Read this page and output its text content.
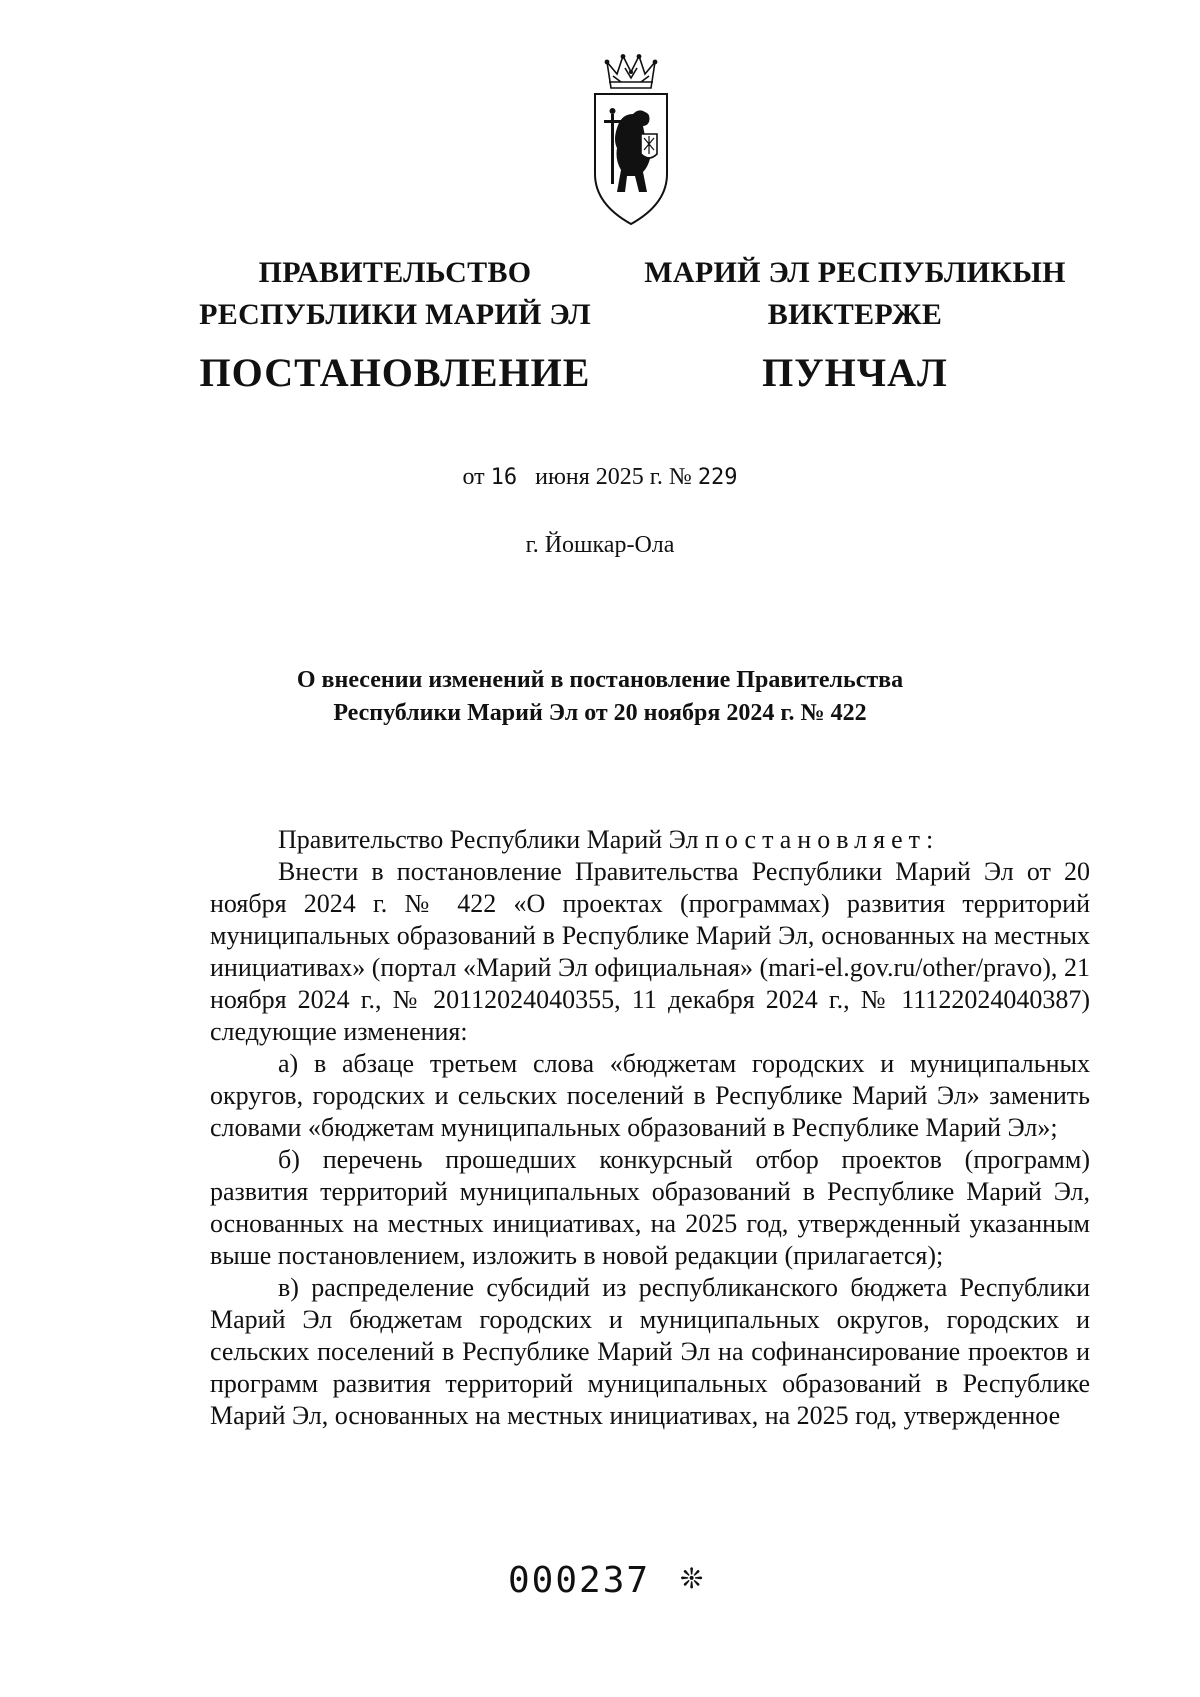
ПРАВИТЕЛЬСТВО
РЕСПУБЛИКИ МАРИЙ ЭЛ
ПОСТАНОВЛЕНИЕ
МАРИЙ ЭЛ РЕСПУБЛИКЫН
ВИКТЕРЖЕ
ПУНЧАЛ
от 16 июня 2025 г. № 229
г. Йошкар-Ола
О внесении изменений в постановление Правительства
Республики Марий Эл от 20 ноября 2024 г. № 422

Правительство Республики Марий Эл постановляет:

Внести в постановление Правительства Республики Марий Эл от 20 ноября 2024 г. № 422 «О проектах (программах) развития территорий муниципальных образований в Республике Марий Эл, основанных на местных инициативах» (портал «Марий Эл официальная» (mari-el.gov.ru/other/pravo), 21 ноября 2024 г., № 20112024040355, 11 декабря 2024 г., № 11122024040387) следующие изменения:

а) в абзаце третьем слова «бюджетам городских и муниципальных округов, городских и сельских поселений в Республике Марий Эл» заменить словами «бюджетам муниципальных образований в Республике Марий Эл»;

б) перечень прошедших конкурсный отбор проектов (программ) развития территорий муниципальных образований в Республике Марий Эл, основанных на местных инициативах, на 2025 год, утвержденный указанным выше постановлением, изложить в новой редакции (прилагается);

в) распределение субсидий из республиканского бюджета Республики Марий Эл бюджетам городских и муниципальных округов, городских и сельских поселений в Республике Марий Эл на софинансирование проектов и программ развития территорий муниципальных образований в Республике Марий Эл, основанных на местных инициативах, на 2025 год, утвержденное

000237 ❊
